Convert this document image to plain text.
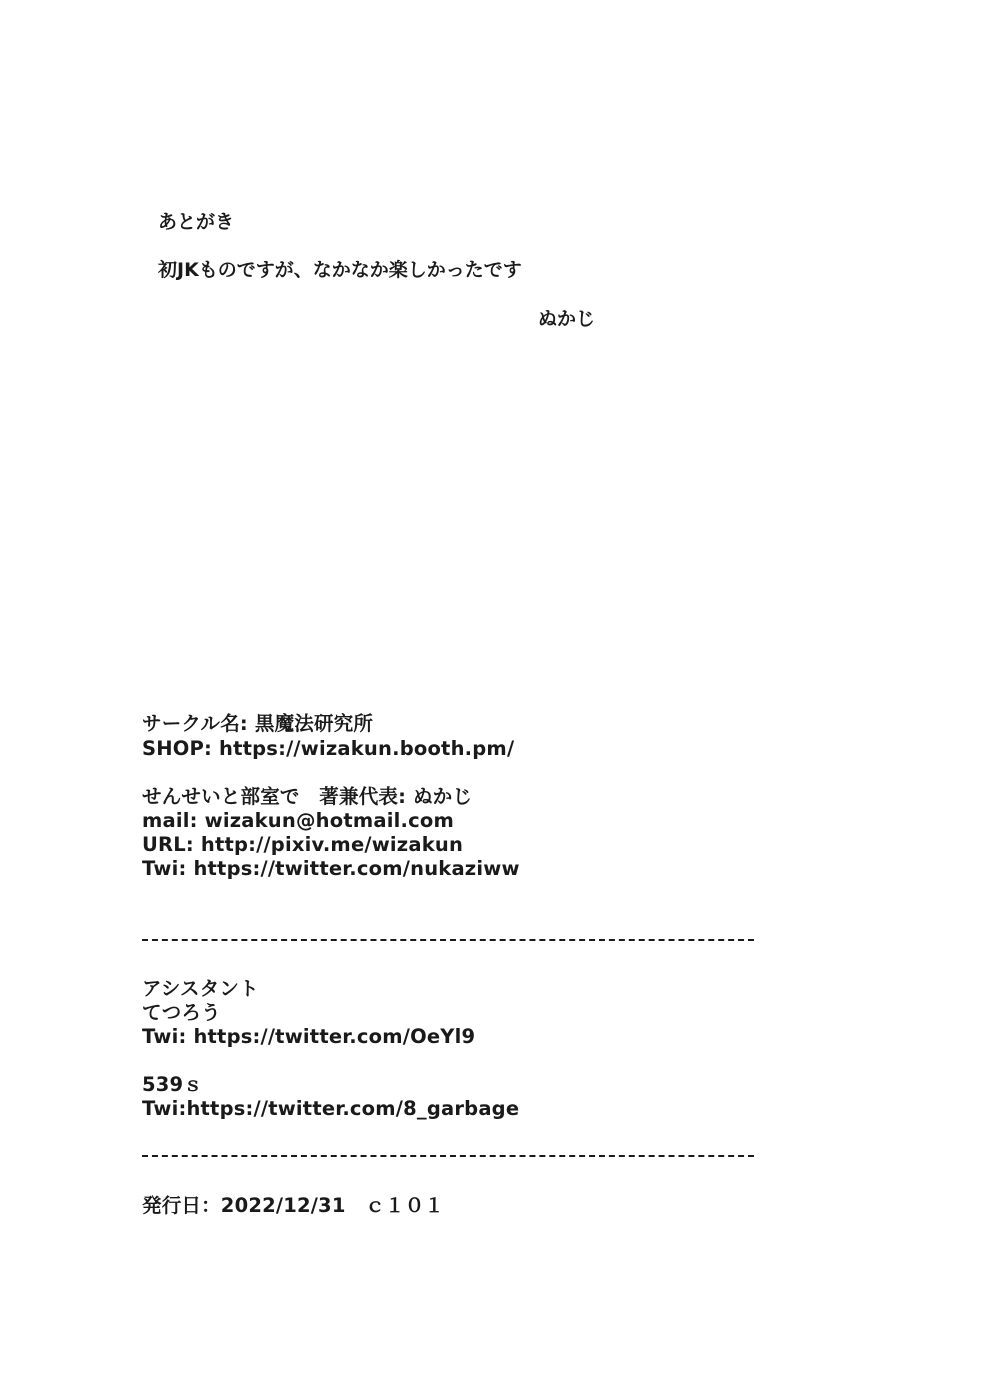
あとがき
初JKものですが、なかなか楽しかったです
ぬかじ
サークル名: 黒魔法研究所
SHOP: https://wizakun.booth.pm/
せんせいと部室で　著兼代表: ぬかじ
mail: wizakun@hotmail.com
URL: http://pixiv.me/wizakun
Twi: https://twitter.com/nukaziww
アシスタント
てつろう
Twi: https://twitter.com/OeYl9
539ｓ
Twi:https://twitter.com/8_garbage
発行日：2022/12/31　ｃ１０１
